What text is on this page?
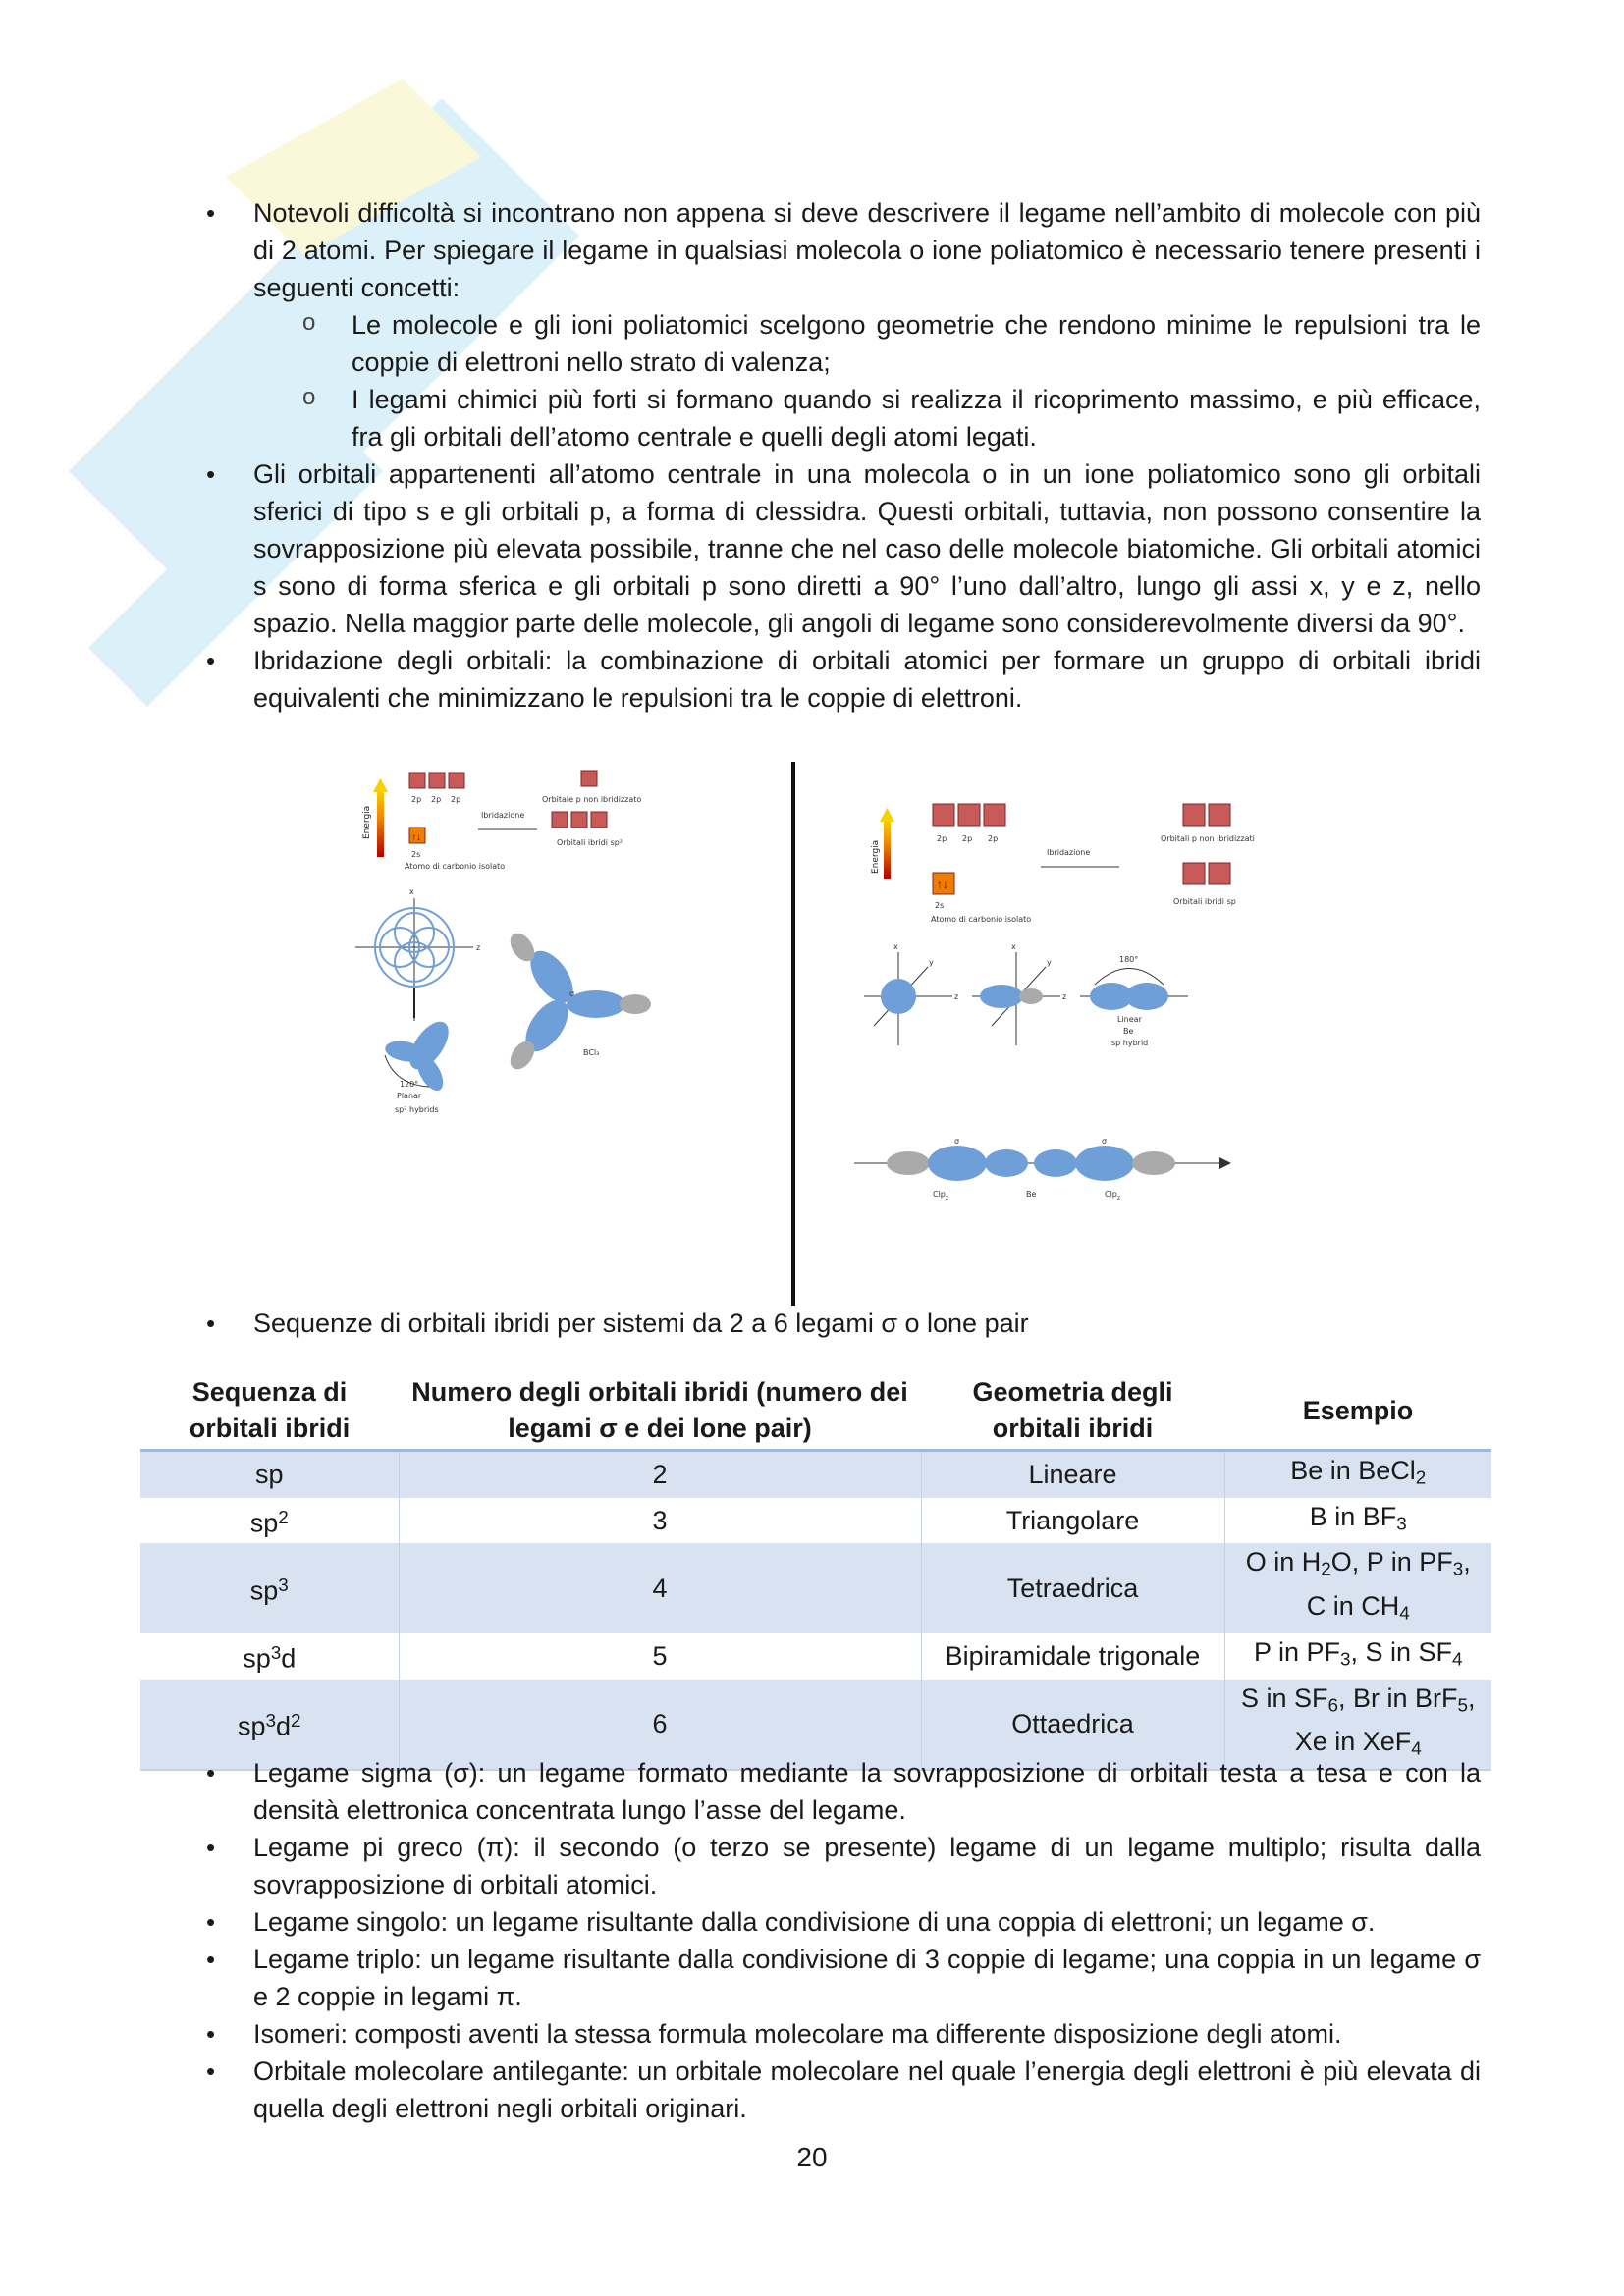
• Notevoli difficoltà si incontrano non appena si deve descrivere il legame nell’ambito di molecole con più di 2 atomi. Per spiegare il legame in qualsiasi molecola o ione poliatomico è necessario tenere presenti i seguenti concetti:
o Le molecole e gli ioni poliatomici scelgono geometrie che rendono minime le repulsioni tra le coppie di elettroni nello strato di valenza;
o I legami chimici più forti si formano quando si realizza il ricoprimento massimo, e più efficace, fra gli orbitali dell’atomo centrale e quelli degli atomi legati.
• Gli orbitali appartenenti all’atomo centrale in una molecola o in un ione poliatomico sono gli orbitali sferici di tipo s e gli orbitali p, a forma di clessidra. Questi orbitali, tuttavia, non possono consentire la sovrapposizione più elevata possibile, tranne che nel caso delle molecole biatomiche. Gli orbitali atomici s sono di forma sferica e gli orbitali p sono diretti a 90° l’uno dall’altro, lungo gli assi x, y e z, nello spazio. Nella maggior parte delle molecole, gli angoli di legame sono considerevolmente diversi da 90°.
• Ibridazione degli orbitali: la combinazione di orbitali atomici per formare un gruppo di orbitali ibridi equivalenti che minimizzano le repulsioni tra le coppie di elettroni.
Energia
2p 2p 2p
↑↓
2s
Atomo di carbonio isolato
Ibridazione
Orbitale p non ibridizzato
Orbitali ibridi sp²
x
z
120°
Planar
sp² hybrids
σ
BCl₃
Energia
2p 2p 2p
↑↓
2s
Atomo di carbonio isolato
Ibridazione
Orbitali p non ibridizzati
Orbitali ibridi sp
x
y
z
x
y
z
180°
Linear
Be
sp hybrid
σ	σ
Clp$_z$	Be	Clp$_z$
• Sequenze di orbitali ibridi per sistemi da 2 a 6 legami σ o lone pair
Sequenza di orbitali ibridi	Numero degli orbitali ibridi (numero dei legami σ e dei lone pair)	Geometria degli orbitali ibridi	Esempio
sp	2	Lineare	Be in BeCl$_2$
$sp^2$	3	Triangolare	B in $BF_3$
$sp^3$	4	Tetraedrica	O in $H_2O$, P in $PF_3$,
C in $CH_4$
$sp^3d$	5	Bipiramidale trigonale	P in $PF_3$, S in $SF_4$
$sp^3d^2$	6	Ottaedrica	S in $SF_6$, Br in BrF$_5$,
Xe in XeF$_4$
• Legame sigma (σ): un legame formato mediante la sovrapposizione di orbitali testa a tesa e con la densità elettronica concentrata lungo l’asse del legame.
• Legame pi greco (π): il secondo (o terzo se presente) legame di un legame multiplo; risulta dalla sovrapposizione di orbitali atomici.
• Legame singolo: un legame risultante dalla condivisione di una coppia di elettroni; un legame σ.
• Legame triplo: un legame risultante dalla condivisione di 3 coppie di legame; una coppia in un legame σ e 2 coppie in legami π.
• Isomeri: composti aventi la stessa formula molecolare ma differente disposizione degli atomi.
• Orbitale molecolare antilegante: un orbitale molecolare nel quale l’energia degli elettroni è più elevata di quella degli elettroni negli orbitali originari.
20
